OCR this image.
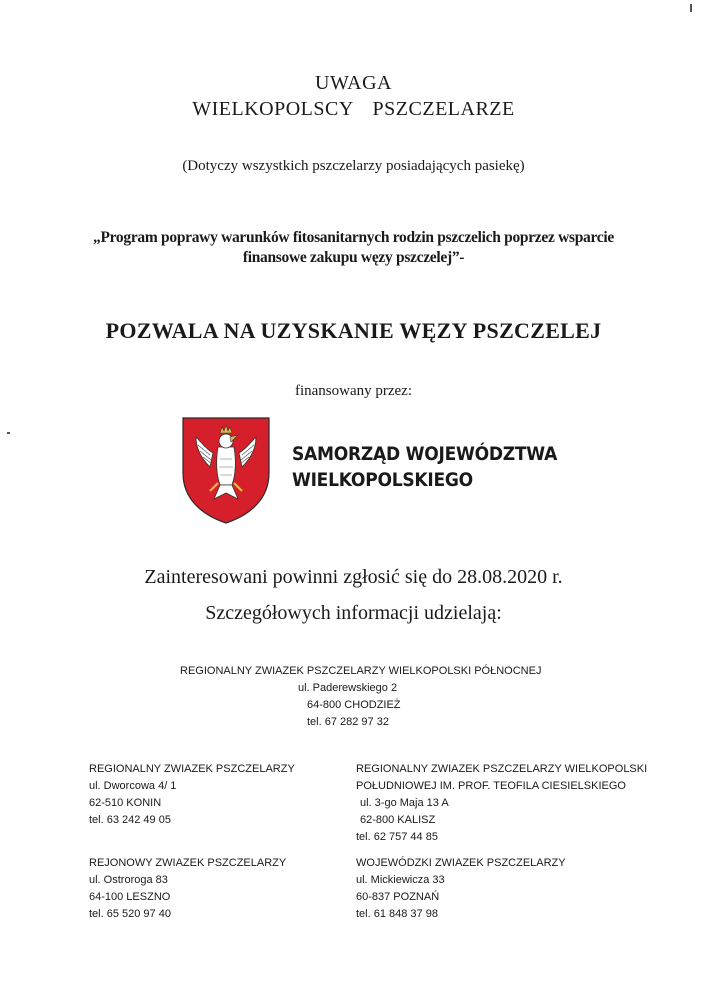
UWAGA
WIELKOPOLSCY PSZCZELARZE
(Dotyczy wszystkich pszczelarzy posiadających pasiekę)
„Program poprawy warunków fitosanitarnych rodzin pszczelich poprzez wsparcie
finansowe zakupu węzy pszczelej”-
POZWALA NA UZYSKANIE WĘZY PSZCZELEJ
finansowany przez:
SAMORZĄD WOJEWÓDZTWA
WIELKOPOLSKIEGO
Zainteresowani powinni zgłosić się do 28.08.2020 r.
Szczegółowych informacji udzielają:
REGIONALNY ZWIAZEK PSZCZELARZY WIELKOPOLSKI PÓŁNOCNEJ
ul. Paderewskiego 2
64-800 CHODZIEŻ
tel. 67 282 97 32
REGIONALNY ZWIAZEK PSZCZELARZY
ul. Dworcowa 4/ 1
62-510 KONIN
tel. 63 242 49 05
REGIONALNY ZWIAZEK PSZCZELARZY WIELKOPOLSKI
POŁUDNIOWEJ IM. PROF. TEOFILA CIESIELSKIEGO
ul. 3-go Maja 13 A
62-800 KALISZ
tel. 62 757 44 85
REJONOWY ZWIAZEK PSZCZELARZY
ul. Ostroroga 83
64-100 LESZNO
tel. 65 520 97 40
WOJEWÓDZKI ZWIAZEK PSZCZELARZY
ul. Mickiewicza 33
60-837 POZNAŃ
tel. 61 848 37 98
